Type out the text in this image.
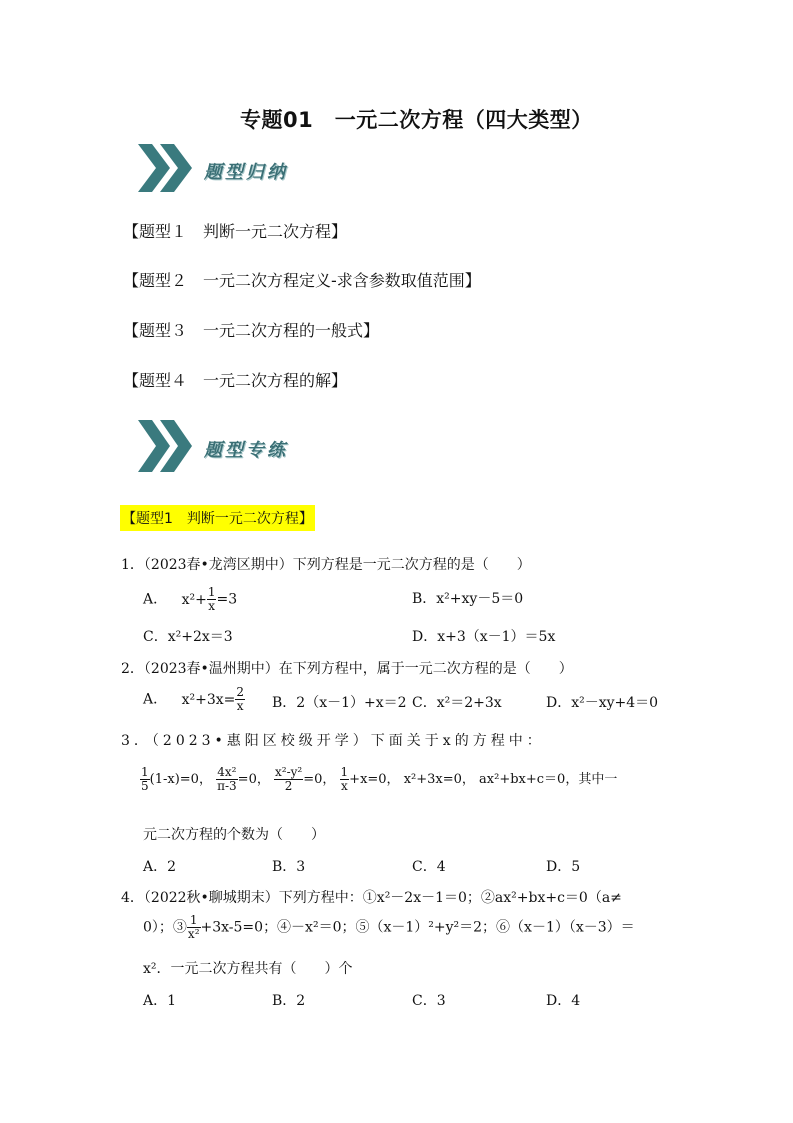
专题01　一元二次方程（四大类型）
题型归纳
【题型１　判断一元二次方程】
【题型２　一元二次方程定义-求含参数取值范围】
【题型３　一元二次方程的一般式】
【题型４　一元二次方程的解】
题型专练
【题型1　判断一元二次方程】
1．（2023春•龙湾区期中）下列方程是一元二次方程的是（　　）
A． $x^2+ \frac{1}{x} =3$	B．x²+xy－5＝0
C．x²+2x＝3	D．x+3（x－1）＝5x
2．（2023春•温州期中）在下列方程中，属于一元二次方程的是（　　）
A． $x^2+3x= \frac{2}{x}$ B．2（x－1）+x＝2 C．x²＝2+3x	D．x²－xy+4＝0
3．（2023•惠阳区校级开学）下面关于x的方程中：
$\frac{1}{5} (1-x)=0$， $\frac{\text{4x²}}{\pi-3} =0$， $\frac{\text{x²-y²}}{2} =0$， $\frac{1}{x} +x=0$， x²+3x=0， ax²+bx+c＝0，其中一
元二次方程的个数为（　　）
A．2	B．3	C．4	D．5
4．（2022秋•聊城期末）下列方程中：①x²－2x－1＝0；②ax²+bx+c＝0（a≠
0）；③ $\frac{1}{\text{x²}} +3x-5=0$；④－x²＝0；⑤（x－1）²+y²＝2；⑥（x－1）（x－3）＝
x²．一元二次方程共有（　　）个
A．1	B．2	C．3	D．4
